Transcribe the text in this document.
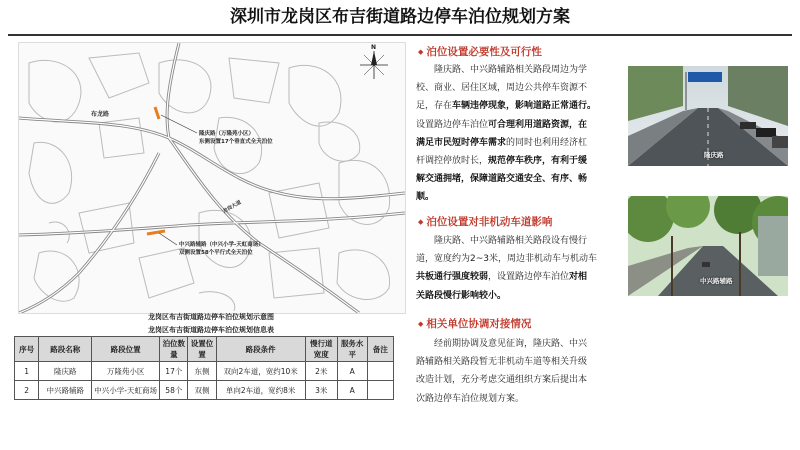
深圳市龙岗区布吉街道路边停车泊位规划方案
布龙路
隆庆路（万隆苑小区）
东侧设置17个垂直式全天泊位
中兴路辅路（中兴小学-天虹商场）
双侧设置58个平行式全天泊位
龙岗大道
N
龙岗区布吉街道路边停车泊位规划示意图
龙岗区布吉街道路边停车泊位规划信息表
序号	路段名称	路段位置	泊位数量	设置位置	路段条件	慢行道宽度	服务水平	备注
1	隆庆路	万隆苑小区	17个	东侧	双向2车道，宽约10米	2米	A	
2	中兴路辅路	中兴小学-天虹商场	58个	双侧	单向2车道，宽约8米	3米	A	
◆ 泊位设置必要性及可行性
隆庆路、中兴路辅路相关路段周边为学
校、商业、居住区域，周边公共停车资源不
足，存在车辆违停现象，影响道路正常通行。
设置路边停车泊位可合理利用道路资源，在
满足市民短时停车需求的同时也利用经济杠
杆调控停放时长，规范停车秩序，有利于缓
解交通拥堵，保障道路交通安全、有序、畅
顺。
◆ 泊位设置对非机动车道影响
隆庆路、中兴路辅路相关路段设有慢行
道，宽度约为2~3米，周边非机动车与机动车
共板通行强度较弱，设置路边停车泊位对相
关路段慢行影响较小。
◆ 相关单位协调对接情况
经前期协调及意见征询，隆庆路、中兴
路辅路相关路段暂无非机动车道等相关升级
改造计划，充分考虑交通组织方案后提出本
次路边停车泊位规划方案。
隆庆路
中兴路辅路
